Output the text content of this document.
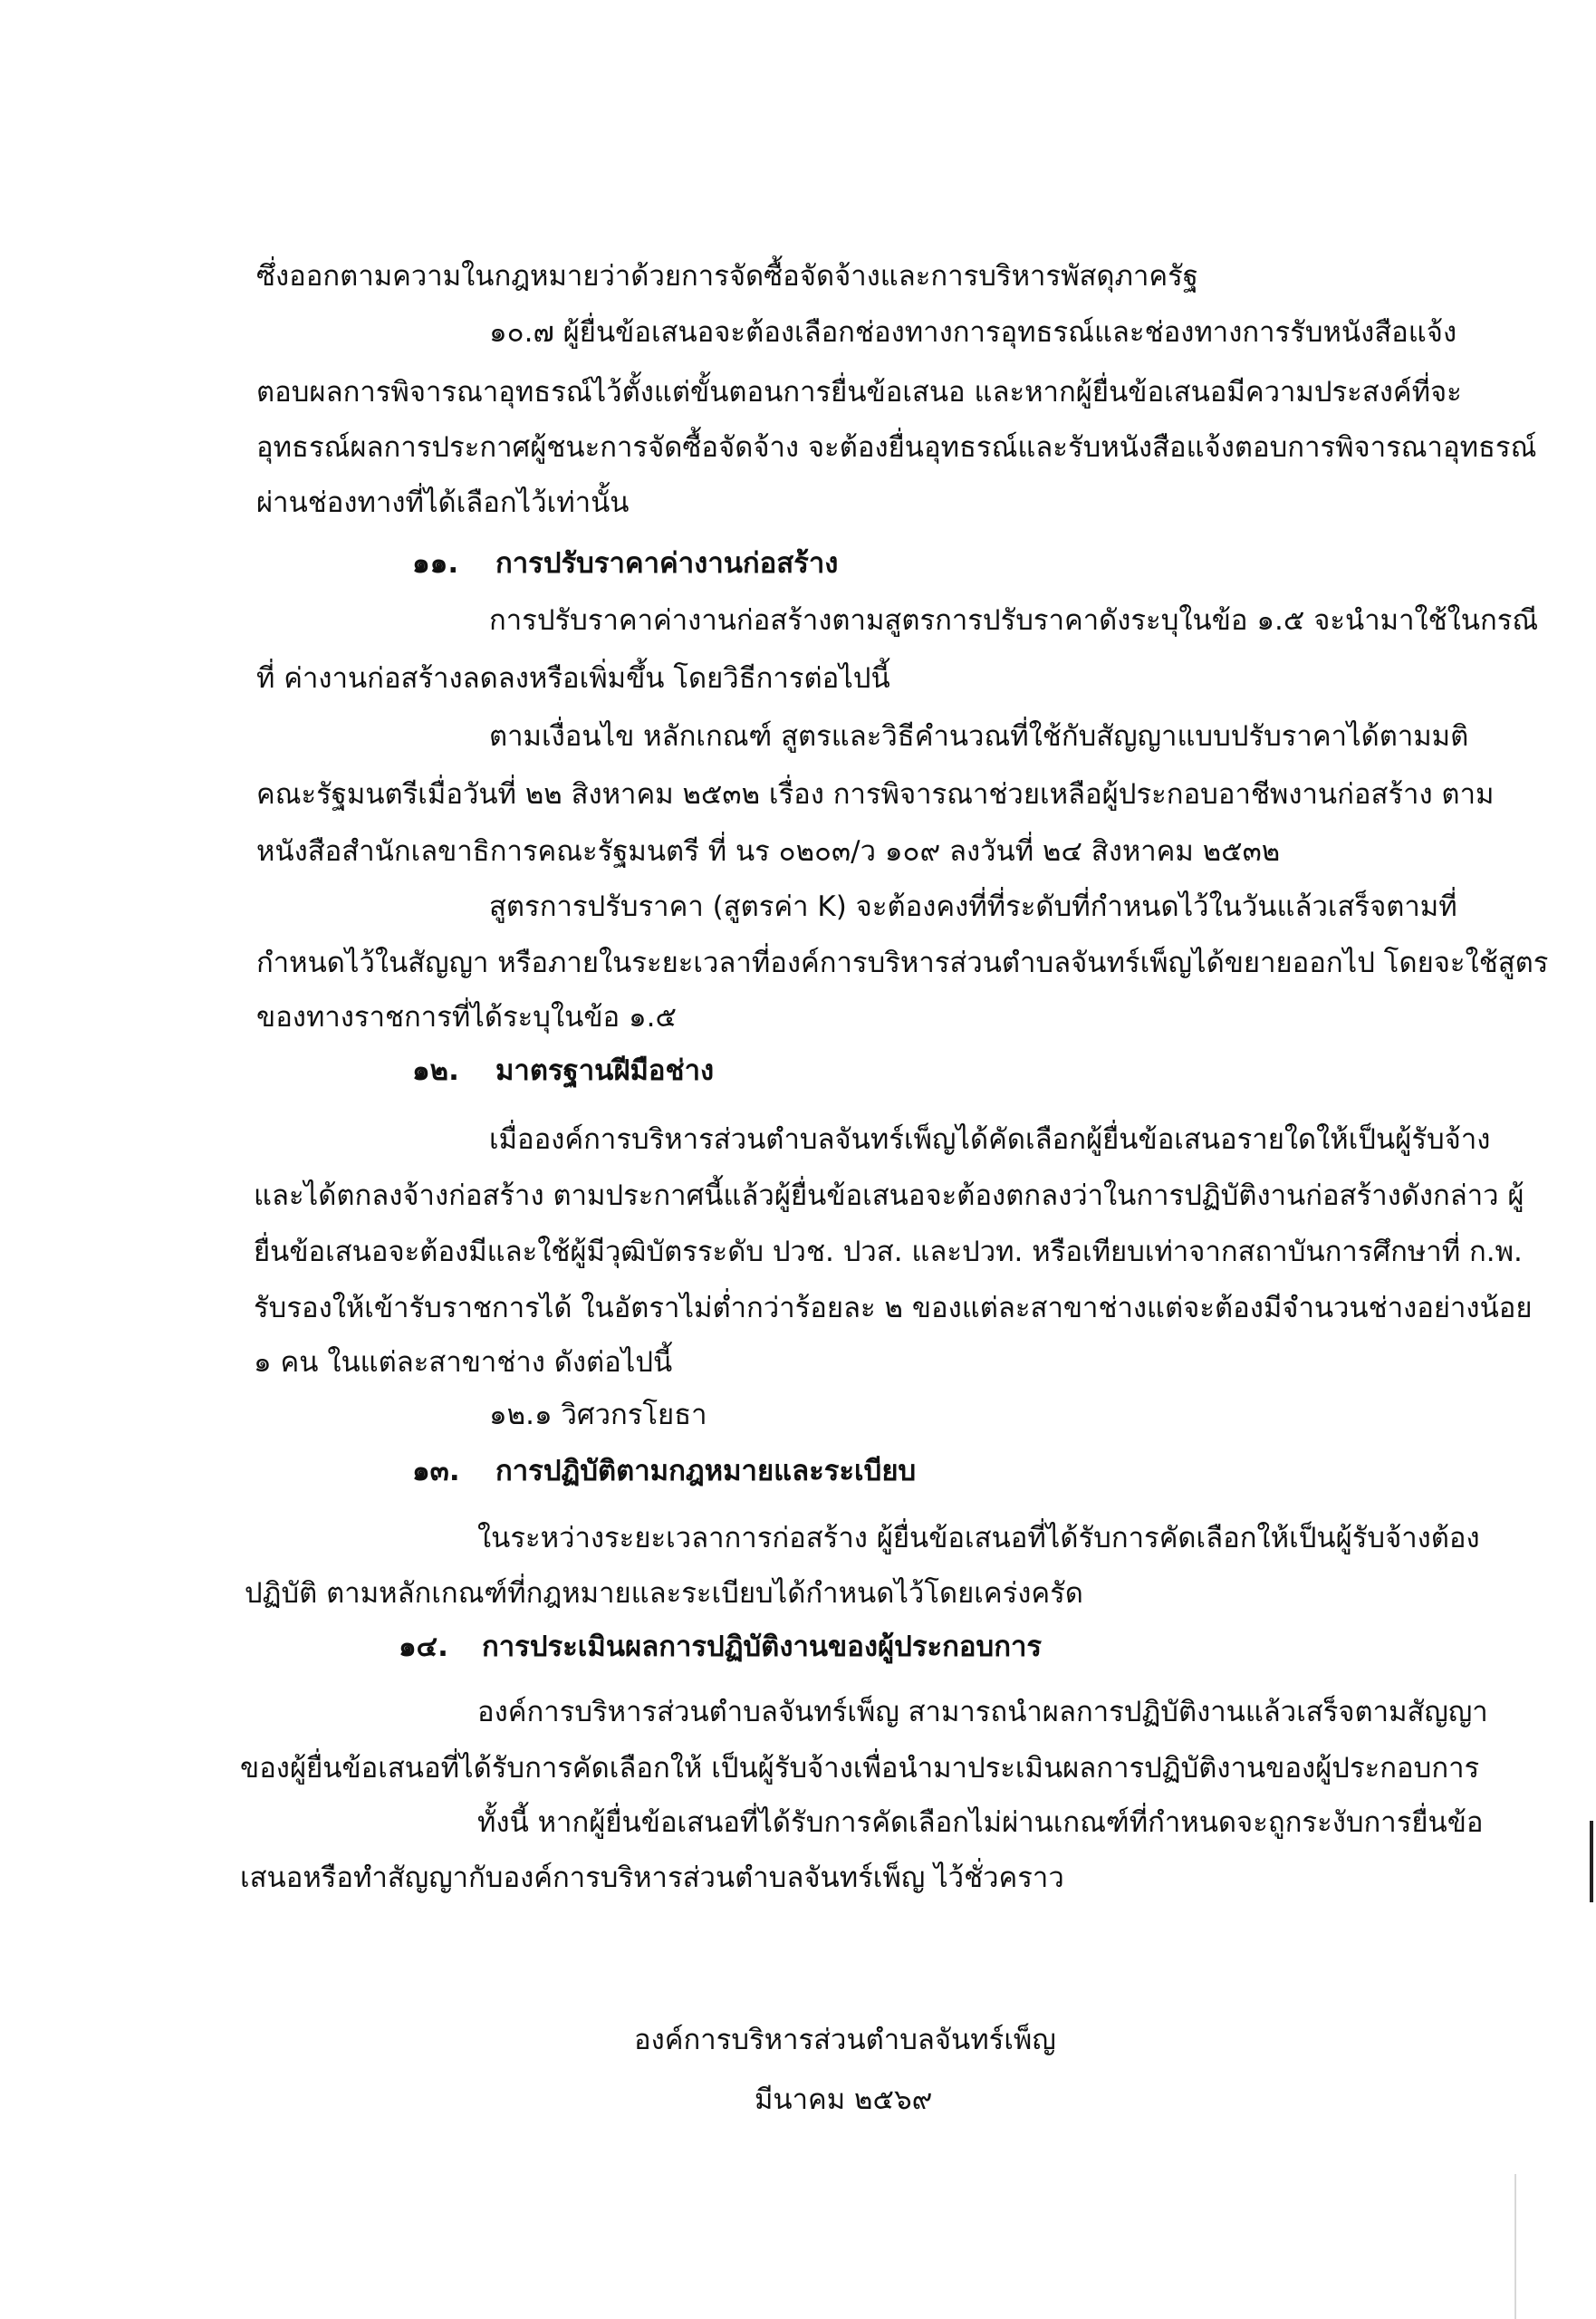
ซึ่งออกตามความในกฎหมายว่าด้วยการจัดซื้อจัดจ้างและการบริหารพัสดุภาครัฐ
๑๐.๗ ผู้ยื่นข้อเสนอจะต้องเลือกช่องทางการอุทธรณ์และช่องทางการรับหนังสือแจ้ง
ตอบผลการพิจารณาอุทธรณ์ไว้ตั้งแต่ขั้นตอนการยื่นข้อเสนอ และหากผู้ยื่นข้อเสนอมีความประสงค์ที่จะ
อุทธรณ์ผลการประกาศผู้ชนะการจัดซื้อจัดจ้าง จะต้องยื่นอุทธรณ์และรับหนังสือแจ้งตอบการพิจารณาอุทธรณ์
ผ่านช่องทางที่ได้เลือกไว้เท่านั้น
๑๑. การปรับราคาค่างานก่อสร้าง
การปรับราคาค่างานก่อสร้างตามสูตรการปรับราคาดังระบุในข้อ ๑.๕ จะนำมาใช้ในกรณี
ที่ ค่างานก่อสร้างลดลงหรือเพิ่มขึ้น โดยวิธีการต่อไปนี้
ตามเงื่อนไข หลักเกณฑ์ สูตรและวิธีคำนวณที่ใช้กับสัญญาแบบปรับราคาได้ตามมติ
คณะรัฐมนตรีเมื่อวันที่ ๒๒ สิงหาคม ๒๕๓๒ เรื่อง การพิจารณาช่วยเหลือผู้ประกอบอาชีพงานก่อสร้าง ตาม
หนังสือสำนักเลขาธิการคณะรัฐมนตรี ที่ นร ๐๒๐๓/ว ๑๐๙ ลงวันที่ ๒๔ สิงหาคม ๒๕๓๒
สูตรการปรับราคา (สูตรค่า K) จะต้องคงที่ที่ระดับที่กำหนดไว้ในวันแล้วเสร็จตามที่
กำหนดไว้ในสัญญา หรือภายในระยะเวลาที่องค์การบริหารส่วนตำบลจันทร์เพ็ญได้ขยายออกไป โดยจะใช้สูตร
ของทางราชการที่ได้ระบุในข้อ ๑.๕
๑๒. มาตรฐานฝีมือช่าง
เมื่อองค์การบริหารส่วนตำบลจันทร์เพ็ญได้คัดเลือกผู้ยื่นข้อเสนอรายใดให้เป็นผู้รับจ้าง
และได้ตกลงจ้างก่อสร้าง ตามประกาศนี้แล้วผู้ยื่นข้อเสนอจะต้องตกลงว่าในการปฏิบัติงานก่อสร้างดังกล่าว ผู้
ยื่นข้อเสนอจะต้องมีและใช้ผู้มีวุฒิบัตรระดับ ปวช. ปวส. และปวท. หรือเทียบเท่าจากสถาบันการศึกษาที่ ก.พ.
รับรองให้เข้ารับราชการได้ ในอัตราไม่ต่ำกว่าร้อยละ ๒ ของแต่ละสาขาช่างแต่จะต้องมีจำนวนช่างอย่างน้อย
๑ คน ในแต่ละสาขาช่าง ดังต่อไปนี้
๑๒.๑ วิศวกรโยธา
๑๓. การปฏิบัติตามกฎหมายและระเบียบ
ในระหว่างระยะเวลาการก่อสร้าง ผู้ยื่นข้อเสนอที่ได้รับการคัดเลือกให้เป็นผู้รับจ้างต้อง
ปฏิบัติ ตามหลักเกณฑ์ที่กฎหมายและระเบียบได้กำหนดไว้โดยเคร่งครัด
๑๔. การประเมินผลการปฏิบัติงานของผู้ประกอบการ
องค์การบริหารส่วนตำบลจันทร์เพ็ญ สามารถนำผลการปฏิบัติงานแล้วเสร็จตามสัญญา
ของผู้ยื่นข้อเสนอที่ได้รับการคัดเลือกให้ เป็นผู้รับจ้างเพื่อนำมาประเมินผลการปฏิบัติงานของผู้ประกอบการ
ทั้งนี้ หากผู้ยื่นข้อเสนอที่ได้รับการคัดเลือกไม่ผ่านเกณฑ์ที่กำหนดจะถูกระงับการยื่นข้อ
เสนอหรือทำสัญญากับองค์การบริหารส่วนตำบลจันทร์เพ็ญ ไว้ชั่วคราว
องค์การบริหารส่วนตำบลจันทร์เพ็ญ
มีนาคม ๒๕๖๙
